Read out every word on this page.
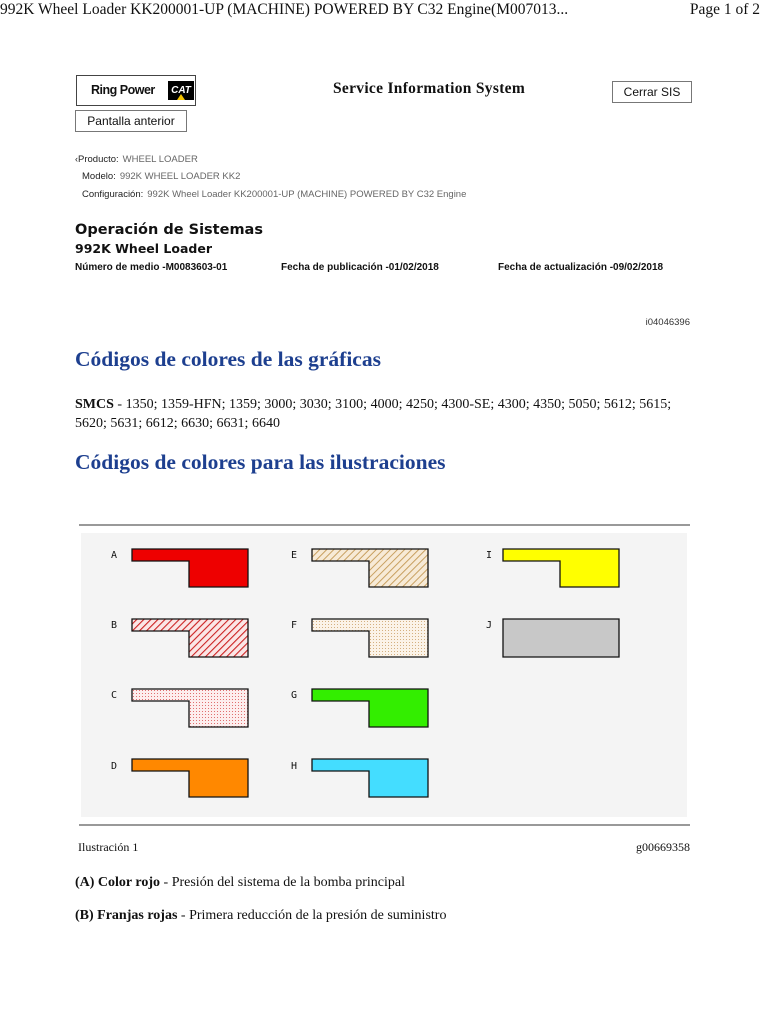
992K Wheel Loader KK200001-UP (MACHINE) POWERED BY C32 Engine(M007013...	Page 1 of 2
Ring Power	CAT	Service Information System	Cerrar SIS
Pantalla anterior
‹Producto: WHEEL LOADER
Modelo: 992K WHEEL LOADER KK2
Configuración: 992K Wheel Loader KK200001-UP (MACHINE) POWERED BY C32 Engine
Operación de Sistemas
992K Wheel Loader
Número de medio -M0083603-01	Fecha de publicación -01/02/2018	Fecha de actualización -09/02/2018
i04046396
Códigos de colores de las gráficas
SMCS - 1350; 1359-HFN; 1359; 3000; 3030; 3100; 4000; 4250; 4300-SE; 4300; 4350; 5050; 5612; 5615; 5620; 5631; 6612; 6630; 6631; 6640
Códigos de colores para las ilustraciones
A
B
C
D
E
F
G
H
I
J
Ilustración 1	g00669358
(A) Color rojo - Presión del sistema de la bomba principal
(B) Franjas rojas - Primera reducción de la presión de suministro
